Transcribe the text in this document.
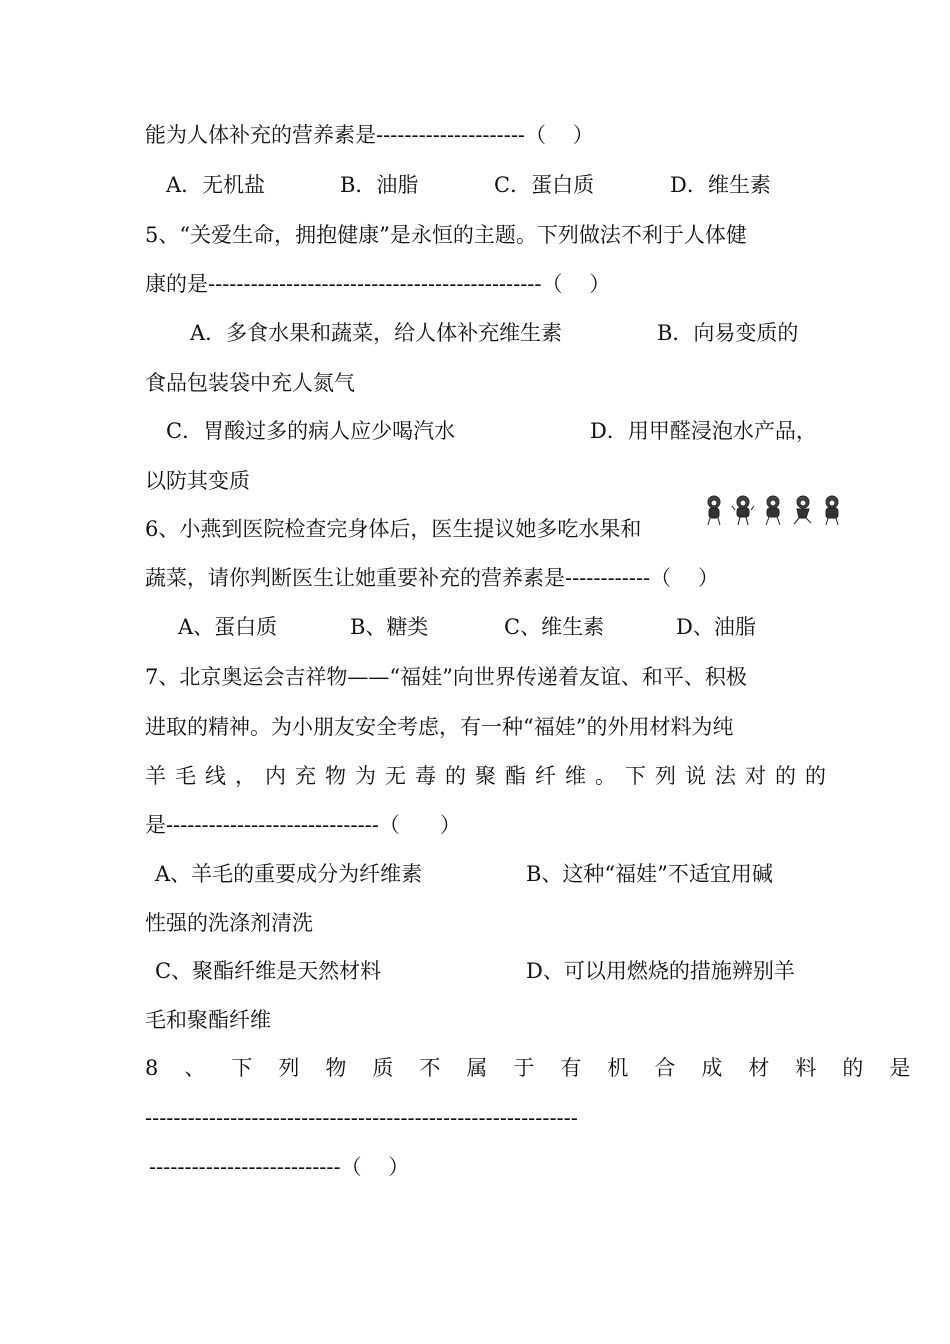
能为人体补充的营养素是---------------------（    ）
A．无机盐	B．油脂	C．蛋白质	D．维生素
5、“关爱生命，拥抱健康”是永恒的主题。下列做法不利于人体健
康的是-----------------------------------------------（    ）
A．多食水果和蔬菜，给人体补充维生素	B．向易变质的
食品包装袋中充人氮气
C．胃酸过多的病人应少喝汽水	D．用甲醛浸泡水产品，
以防其变质
6、小燕到医院检查完身体后，医生提议她多吃水果和
蔬菜，请你判断医生让她重要补充的营养素是------------（    ）
A、蛋白质	B、糖类	C、维生素	D、油脂
7、北京奥运会吉祥物——“福娃”向世界传递着友谊、和平、积极
进取的精神。为小朋友安全考虑，有一种“福娃”的外用材料为纯
羊毛线，内充物为无毒的聚酯纤维。下列说法对的的
是------------------------------（      ）
A、羊毛的重要成分为纤维素	B、这种“福娃”不适宜用碱
性强的洗涤剂清洗
C、聚酯纤维是天然材料	D、可以用燃烧的措施辨别羊
毛和聚酯纤维
8、下列物质不属于有机合成材料的是
-------------------------------------------------------------
---------------------------（    ）
